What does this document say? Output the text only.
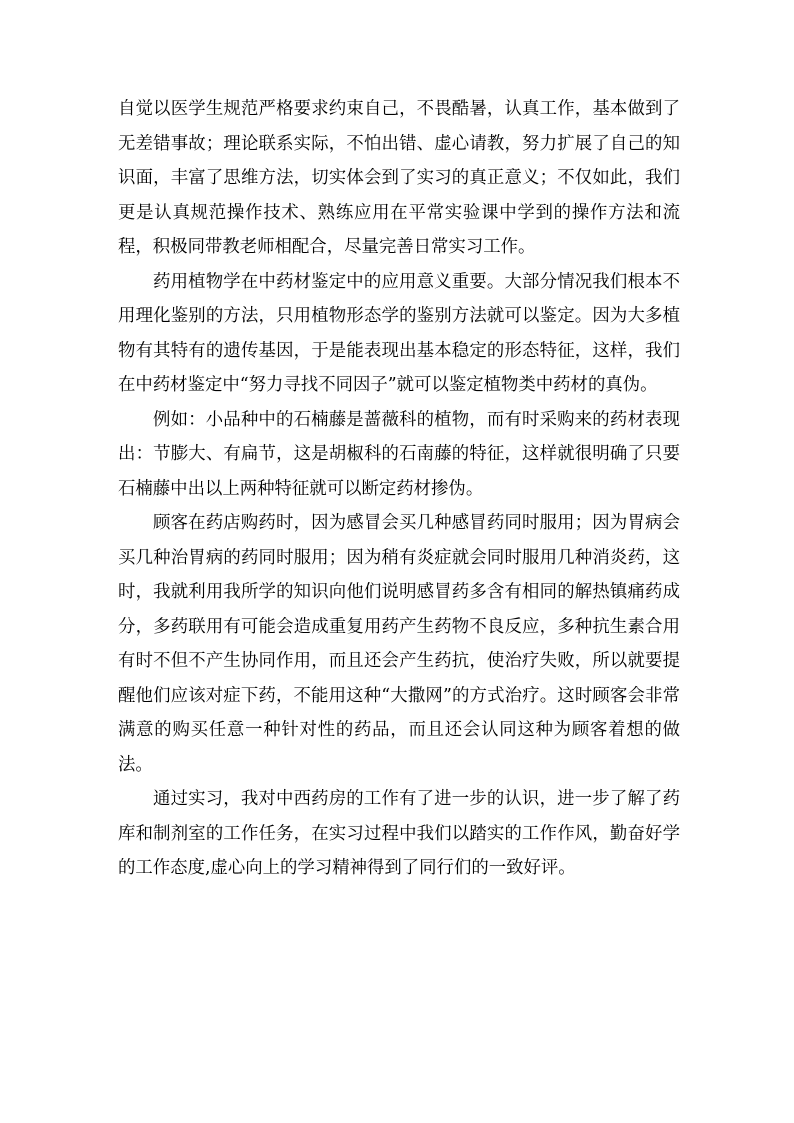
自觉以医学生规范严格要求约束自己，不畏酷暑，认真工作，基本做到了无差错事故；理论联系实际，不怕出错、虚心请教，努力扩展了自己的知识面，丰富了思维方法，切实体会到了实习的真正意义；不仅如此，我们更是认真规范操作技术、熟练应用在平常实验课中学到的操作方法和流程，积极同带教老师相配合，尽量完善日常实习工作。

药用植物学在中药材鉴定中的应用意义重要。大部分情况我们根本不用理化鉴别的方法，只用植物形态学的鉴别方法就可以鉴定。因为大多植物有其特有的遗传基因，于是能表现出基本稳定的形态特征，这样，我们在中药材鉴定中“努力寻找不同因子”就可以鉴定植物类中药材的真伪。

例如：小品种中的石楠藤是蔷薇科的植物，而有时采购来的药材表现出：节膨大、有扁节，这是胡椒科的石南藤的特征，这样就很明确了只要石楠藤中出以上两种特征就可以断定药材掺伪。

顾客在药店购药时，因为感冒会买几种感冒药同时服用；因为胃病会买几种治胃病的药同时服用；因为稍有炎症就会同时服用几种消炎药，这时，我就利用我所学的知识向他们说明感冒药多含有相同的解热镇痛药成分，多药联用有可能会造成重复用药产生药物不良反应，多种抗生素合用有时不但不产生协同作用，而且还会产生药抗，使治疗失败，所以就要提醒他们应该对症下药，不能用这种“大撒网”的方式治疗。这时顾客会非常满意的购买任意一种针对性的药品，而且还会认同这种为顾客着想的做法。

通过实习，我对中西药房的工作有了进一步的认识，进一步了解了药库和制剂室的工作任务，在实习过程中我们以踏实的工作作风，勤奋好学的工作态度,虚心向上的学习精神得到了同行们的一致好评。
